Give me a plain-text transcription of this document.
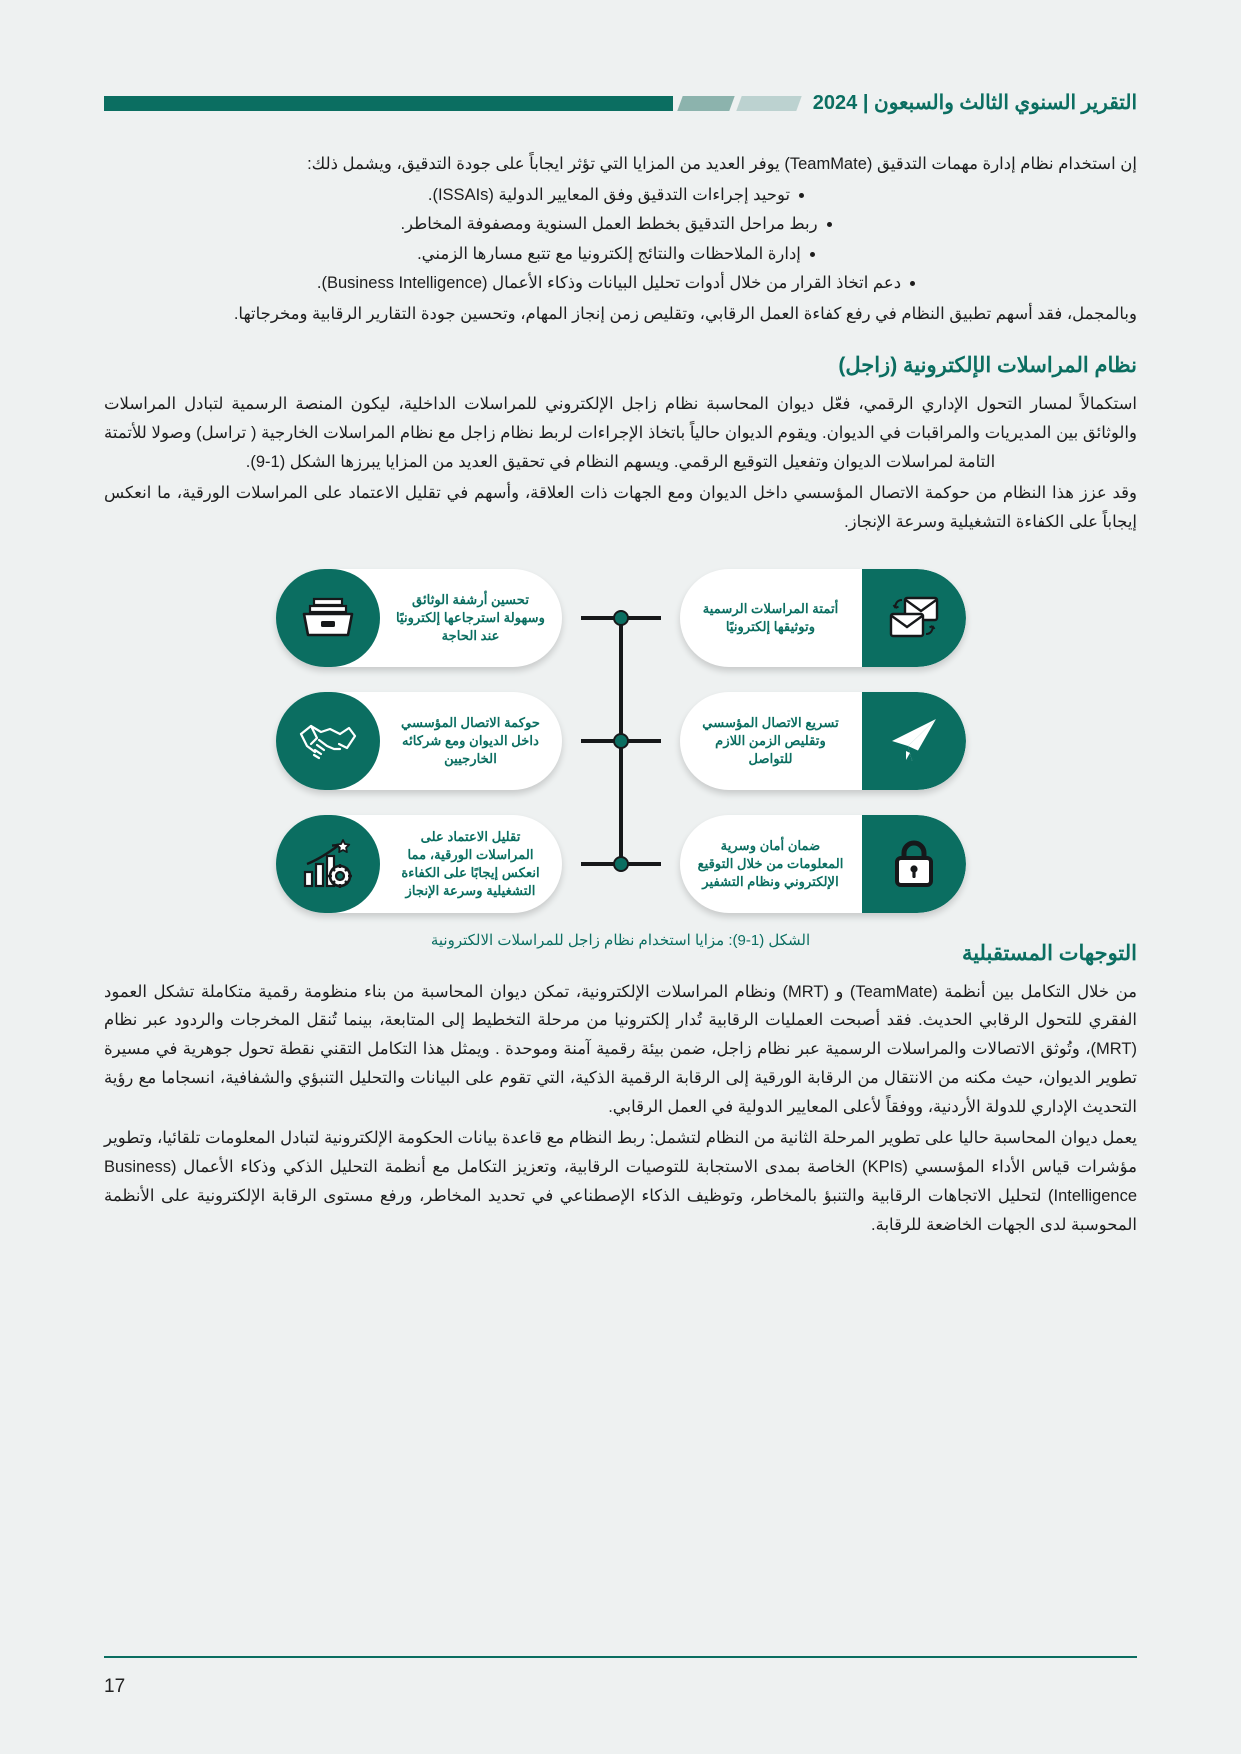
التقرير السنوي الثالث والسبعون | 2024

إن استخدام نظام إدارة مهمات التدقيق (TeamMate) يوفر العديد من المزايا التي تؤثر ايجاباً على جودة التدقيق، ويشمل ذلك:

توحيد إجراءات التدقيق وفق المعايير الدولية (ISSAIs).
ربط مراحل التدقيق بخطط العمل السنوية ومصفوفة المخاطر.
إدارة الملاحظات والنتائج إلكترونيا مع تتبع مسارها الزمني.
دعم اتخاذ القرار من خلال أدوات تحليل البيانات وذكاء الأعمال (Business Intelligence).

وبالمجمل، فقد أسهم تطبيق النظام في رفع كفاءة العمل الرقابي، وتقليص زمن إنجاز المهام، وتحسين جودة التقارير الرقابية ومخرجاتها.

نظام المراسلات الإلكترونية (زاجل)

استكمالاً لمسار التحول الإداري الرقمي، فعّل ديوان المحاسبة نظام زاجل الإلكتروني للمراسلات الداخلية، ليكون المنصة الرسمية لتبادل المراسلات والوثائق بين المديريات والمراقبات في الديوان. ويقوم الديوان حالياً باتخاذ الإجراءات لربط نظام زاجل مع نظام المراسلات الخارجية ( تراسل) وصولا للأتمتة التامة لمراسلات الديوان وتفعيل التوقيع الرقمي. ويسهم النظام في تحقيق العديد من المزايا يبرزها الشكل (1-9).

وقد عزز هذا النظام من حوكمة الاتصال المؤسسي داخل الديوان ومع الجهات ذات العلاقة، وأسهم في تقليل الاعتماد على المراسلات الورقية، ما انعكس إيجاباً على الكفاءة التشغيلية وسرعة الإنجاز.

أتمتة المراسلات الرسمية وتوثيقها إلكترونيًا
تحسين أرشفة الوثائق وسهولة استرجاعها إلكترونيًا عند الحاجة
تسريع الاتصال المؤسسي وتقليص الزمن اللازم للتواصل
حوكمة الاتصال المؤسسي داخل الديوان ومع شركائه الخارجيين
ضمان أمان وسرية المعلومات من خلال التوقيع الإلكتروني ونظام التشفير
تقليل الاعتماد على المراسلات الورقية، مما انعكس إيجابًا على الكفاءة التشغيلية وسرعة الإنجاز
الشكل (1-9): مزايا استخدام نظام زاجل للمراسلات الالكترونية
التوجهات المستقبلية

من خلال التكامل بين أنظمة (TeamMate) و (MRT) ونظام المراسلات الإلكترونية، تمكن ديوان المحاسبة من بناء منظومة رقمية متكاملة تشكل العمود الفقري للتحول الرقابي الحديث. فقد أصبحت العمليات الرقابية تُدار إلكترونيا من مرحلة التخطيط إلى المتابعة، بينما تُنقل المخرجات والردود عبر نظام (MRT)، وتُوثق الاتصالات والمراسلات الرسمية عبر نظام زاجل، ضمن بيئة رقمية آمنة وموحدة . ويمثل هذا التكامل التقني نقطة تحول جوهرية في مسيرة تطوير الديوان، حيث مكنه من الانتقال من الرقابة الورقية إلى الرقابة الرقمية الذكية، التي تقوم على البيانات والتحليل التنبؤي والشفافية، انسجاما مع رؤية التحديث الإداري للدولة الأردنية، ووفقاً لأعلى المعايير الدولية في العمل الرقابي.

يعمل ديوان المحاسبة حاليا على تطوير المرحلة الثانية من النظام لتشمل: ربط النظام مع قاعدة بيانات الحكومة الإلكترونية لتبادل المعلومات تلقائيا، وتطوير مؤشرات قياس الأداء المؤسسي (KPIs) الخاصة بمدى الاستجابة للتوصيات الرقابية، وتعزيز التكامل مع أنظمة التحليل الذكي وذكاء الأعمال (Business Intelligence) لتحليل الاتجاهات الرقابية والتنبؤ بالمخاطر، وتوظيف الذكاء الإصطناعي في تحديد المخاطر، ورفع مستوى الرقابة الإلكترونية على الأنظمة المحوسبة لدى الجهات الخاضعة للرقابة.

17
